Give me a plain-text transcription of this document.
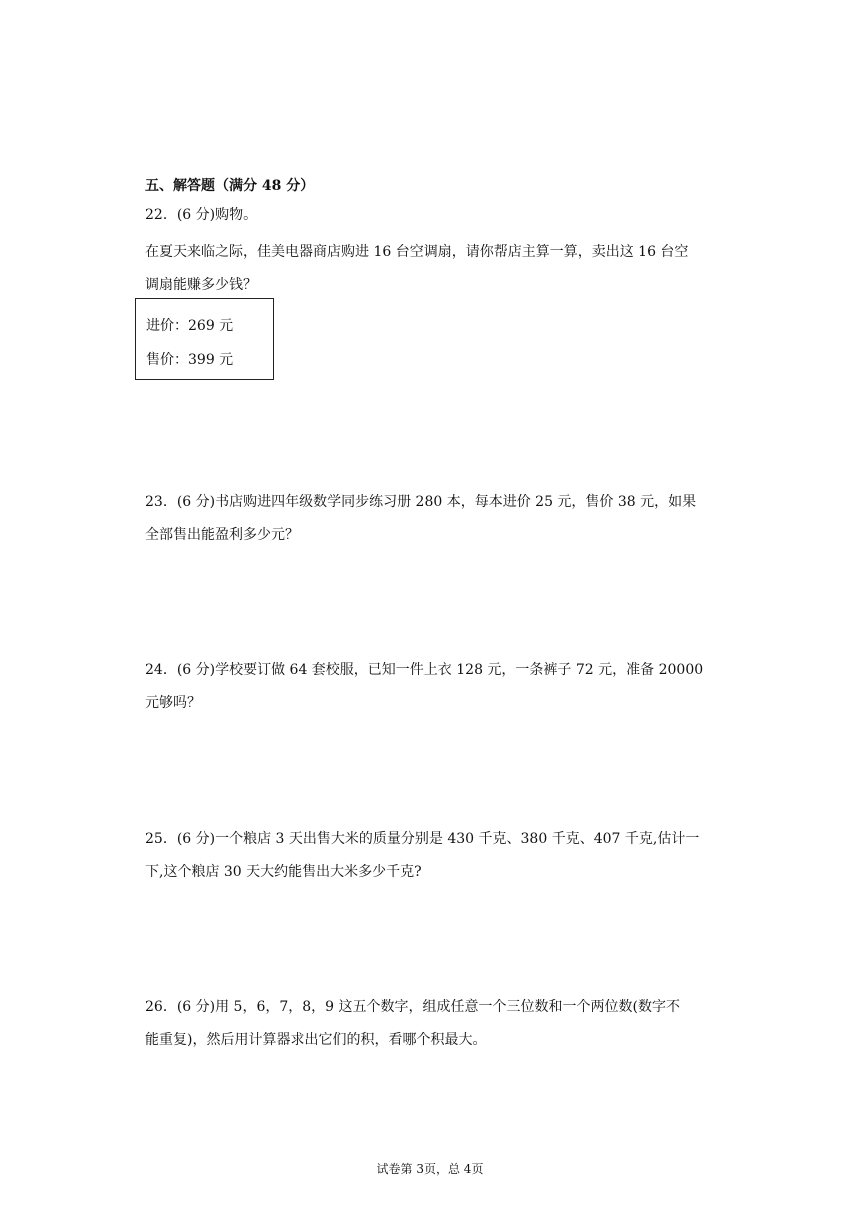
五、解答题（满分 48 分）
22．(6 分)购物。
在夏天来临之际，佳美电器商店购进 16 台空调扇，请你帮店主算一算，卖出这 16 台空
调扇能赚多少钱？
进价：269 元
售价：399 元
23．(6 分)书店购进四年级数学同步练习册 280 本，每本进价 25 元，售价 38 元，如果
全部售出能盈利多少元？
24．(6 分)学校要订做 64 套校服，已知一件上衣 128 元，一条裤子 72 元，准备 20000
元够吗？
25．(6 分)一个粮店 3 天出售大米的质量分别是 430 千克、380 千克、407 千克,估计一
下,这个粮店 30 天大约能售出大米多少千克?
26．(6 分)用 5，6，7，8，9 这五个数字，组成任意一个三位数和一个两位数(数字不
能重复)，然后用计算器求出它们的积，看哪个积最大。
试卷第 3页，总 4页
